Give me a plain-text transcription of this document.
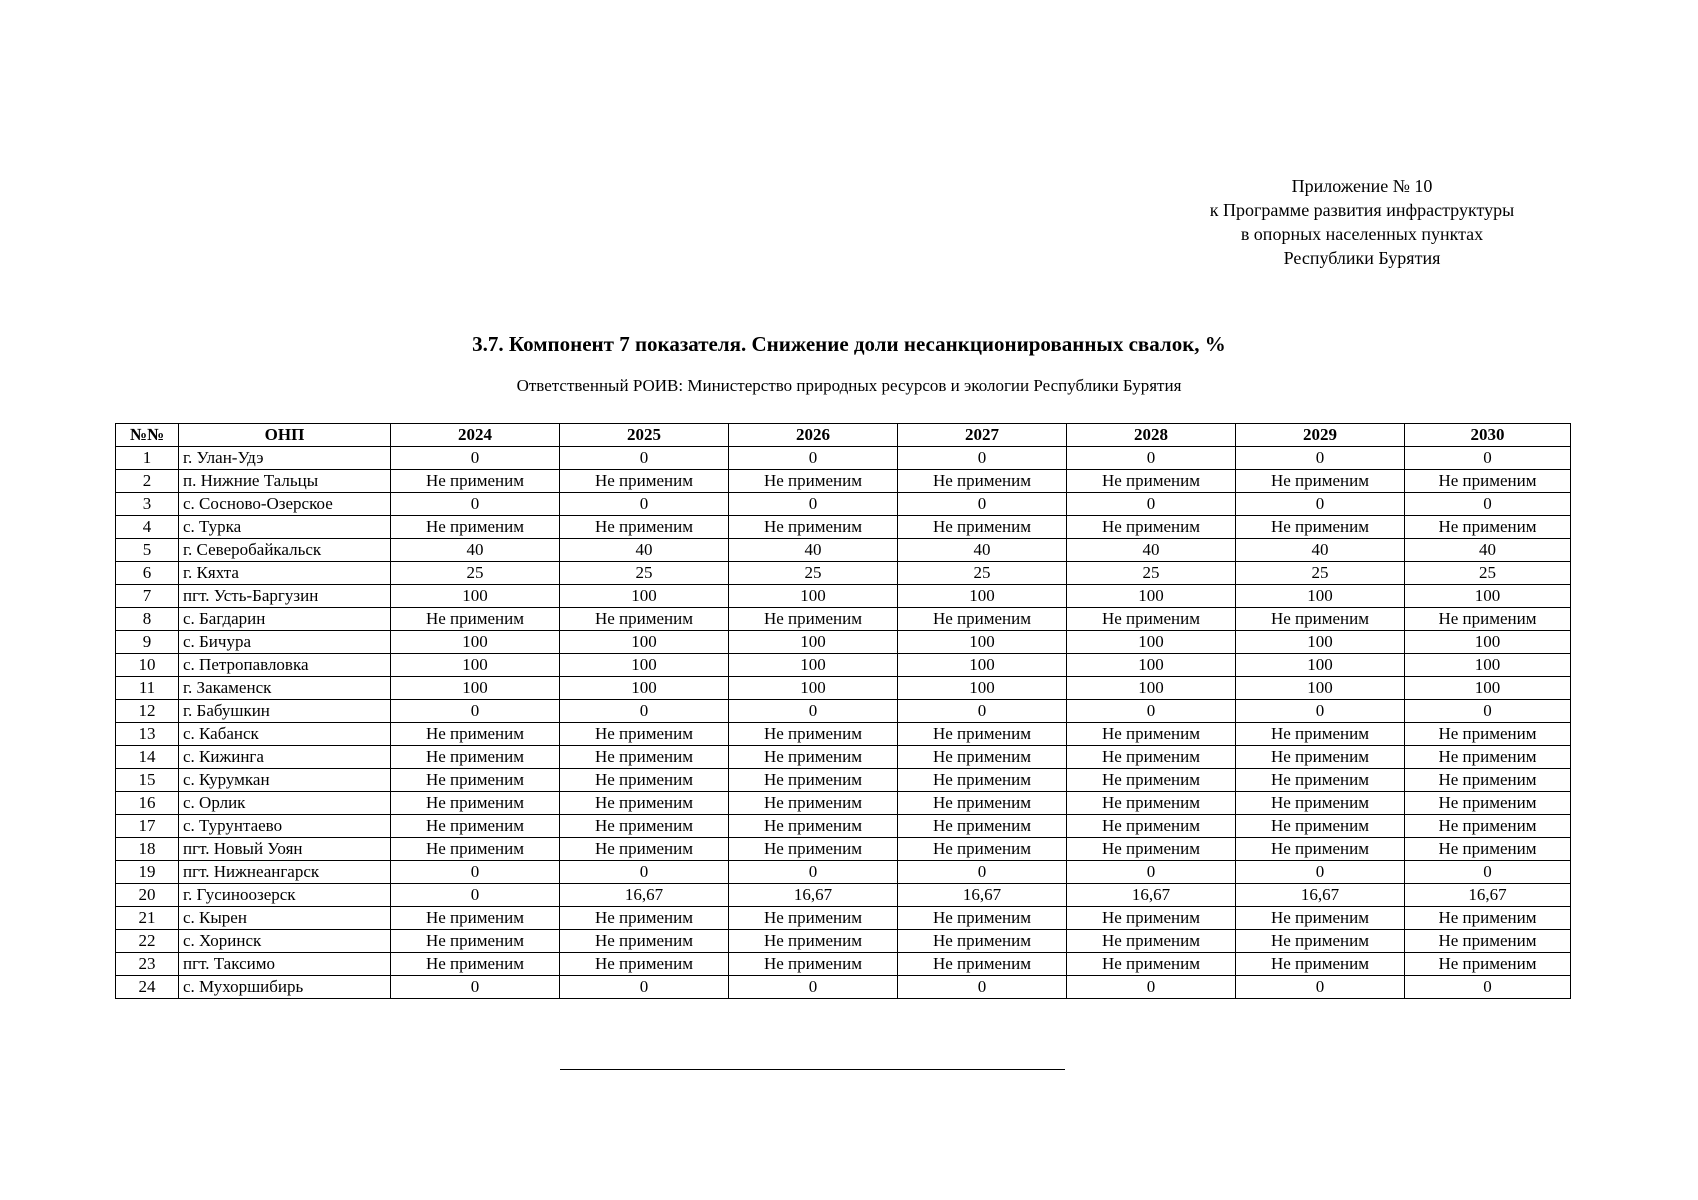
Приложение № 10
к Программе развития инфраструктуры
в опорных населенных пунктах
Республики Бурятия
3.7. Компонент 7 показателя. Снижение доли несанкционированных свалок, %
Ответственный РОИВ: Министерство природных ресурсов и экологии Республики Бурятия
№№	ОНП	2024	2025	2026	2027	2028	2029	2030
1	г. Улан-Удэ	0	0	0	0	0	0	0
2	п. Нижние Тальцы	Не применим	Не применим	Не применим	Не применим	Не применим	Не применим	Не применим
3	с. Сосново-Озерское	0	0	0	0	0	0	0
4	с. Турка	Не применим	Не применим	Не применим	Не применим	Не применим	Не применим	Не применим
5	г. Северобайкальск	40	40	40	40	40	40	40
6	г. Кяхта	25	25	25	25	25	25	25
7	пгт. Усть-Баргузин	100	100	100	100	100	100	100
8	с. Багдарин	Не применим	Не применим	Не применим	Не применим	Не применим	Не применим	Не применим
9	с. Бичура	100	100	100	100	100	100	100
10	с. Петропавловка	100	100	100	100	100	100	100
11	г. Закаменск	100	100	100	100	100	100	100
12	г. Бабушкин	0	0	0	0	0	0	0
13	с. Кабанск	Не применим	Не применим	Не применим	Не применим	Не применим	Не применим	Не применим
14	с. Кижинга	Не применим	Не применим	Не применим	Не применим	Не применим	Не применим	Не применим
15	с. Курумкан	Не применим	Не применим	Не применим	Не применим	Не применим	Не применим	Не применим
16	с. Орлик	Не применим	Не применим	Не применим	Не применим	Не применим	Не применим	Не применим
17	с. Турунтаево	Не применим	Не применим	Не применим	Не применим	Не применим	Не применим	Не применим
18	пгт. Новый Уоян	Не применим	Не применим	Не применим	Не применим	Не применим	Не применим	Не применим
19	пгт. Нижнеангарск	0	0	0	0	0	0	0
20	г. Гусиноозерск	0	16,67	16,67	16,67	16,67	16,67	16,67
21	с. Кырен	Не применим	Не применим	Не применим	Не применим	Не применим	Не применим	Не применим
22	с. Хоринск	Не применим	Не применим	Не применим	Не применим	Не применим	Не применим	Не применим
23	пгт. Таксимо	Не применим	Не применим	Не применим	Не применим	Не применим	Не применим	Не применим
24	с. Мухоршибирь	0	0	0	0	0	0	0
